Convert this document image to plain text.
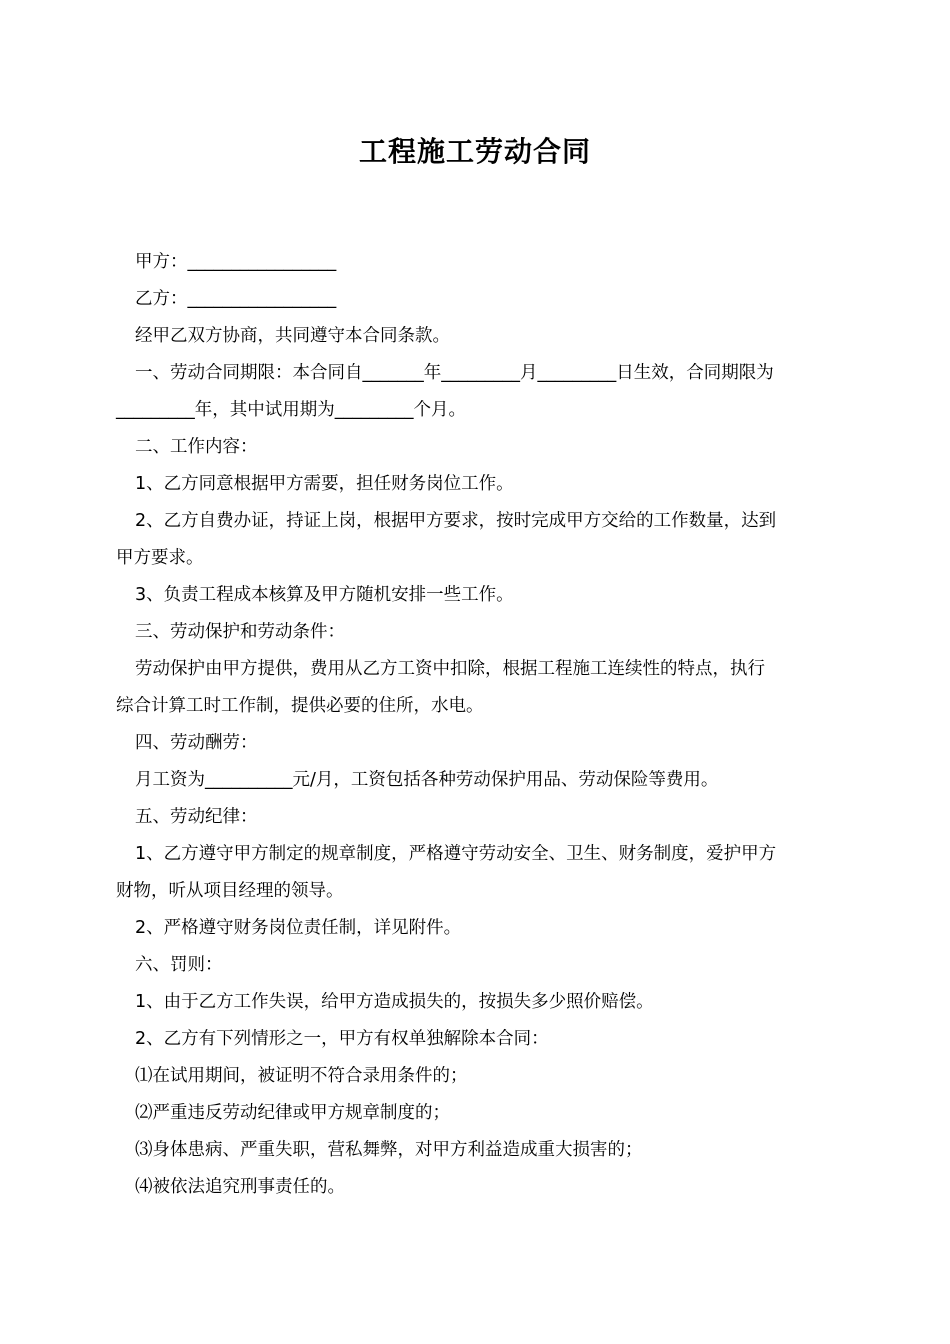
工程施工劳动合同
甲方：_________________
乙方：_________________
经甲乙双方协商，共同遵守本合同条款。
一、劳动合同期限：本合同自_______年_________月_________日生效，合同期限为
_________年，其中试用期为_________个月。
二、工作内容：
1、乙方同意根据甲方需要，担任财务岗位工作。
2、乙方自费办证，持证上岗，根据甲方要求，按时完成甲方交给的工作数量，达到
甲方要求。
3、负责工程成本核算及甲方随机安排一些工作。
三、劳动保护和劳动条件：
劳动保护由甲方提供，费用从乙方工资中扣除，根据工程施工连续性的特点，执行
综合计算工时工作制，提供必要的住所，水电。
四、劳动酬劳：
月工资为__________元/月，工资包括各种劳动保护用品、劳动保险等费用。
五、劳动纪律：
1、乙方遵守甲方制定的规章制度，严格遵守劳动安全、卫生、财务制度，爱护甲方
财物，听从项目经理的领导。
2、严格遵守财务岗位责任制，详见附件。
六、罚则：
1、由于乙方工作失误，给甲方造成损失的，按损失多少照价赔偿。
2、乙方有下列情形之一，甲方有权单独解除本合同：
⑴在试用期间，被证明不符合录用条件的；
⑵严重违反劳动纪律或甲方规章制度的；
⑶身体患病、严重失职，营私舞弊，对甲方利益造成重大损害的；
⑷被依法追究刑事责任的。
